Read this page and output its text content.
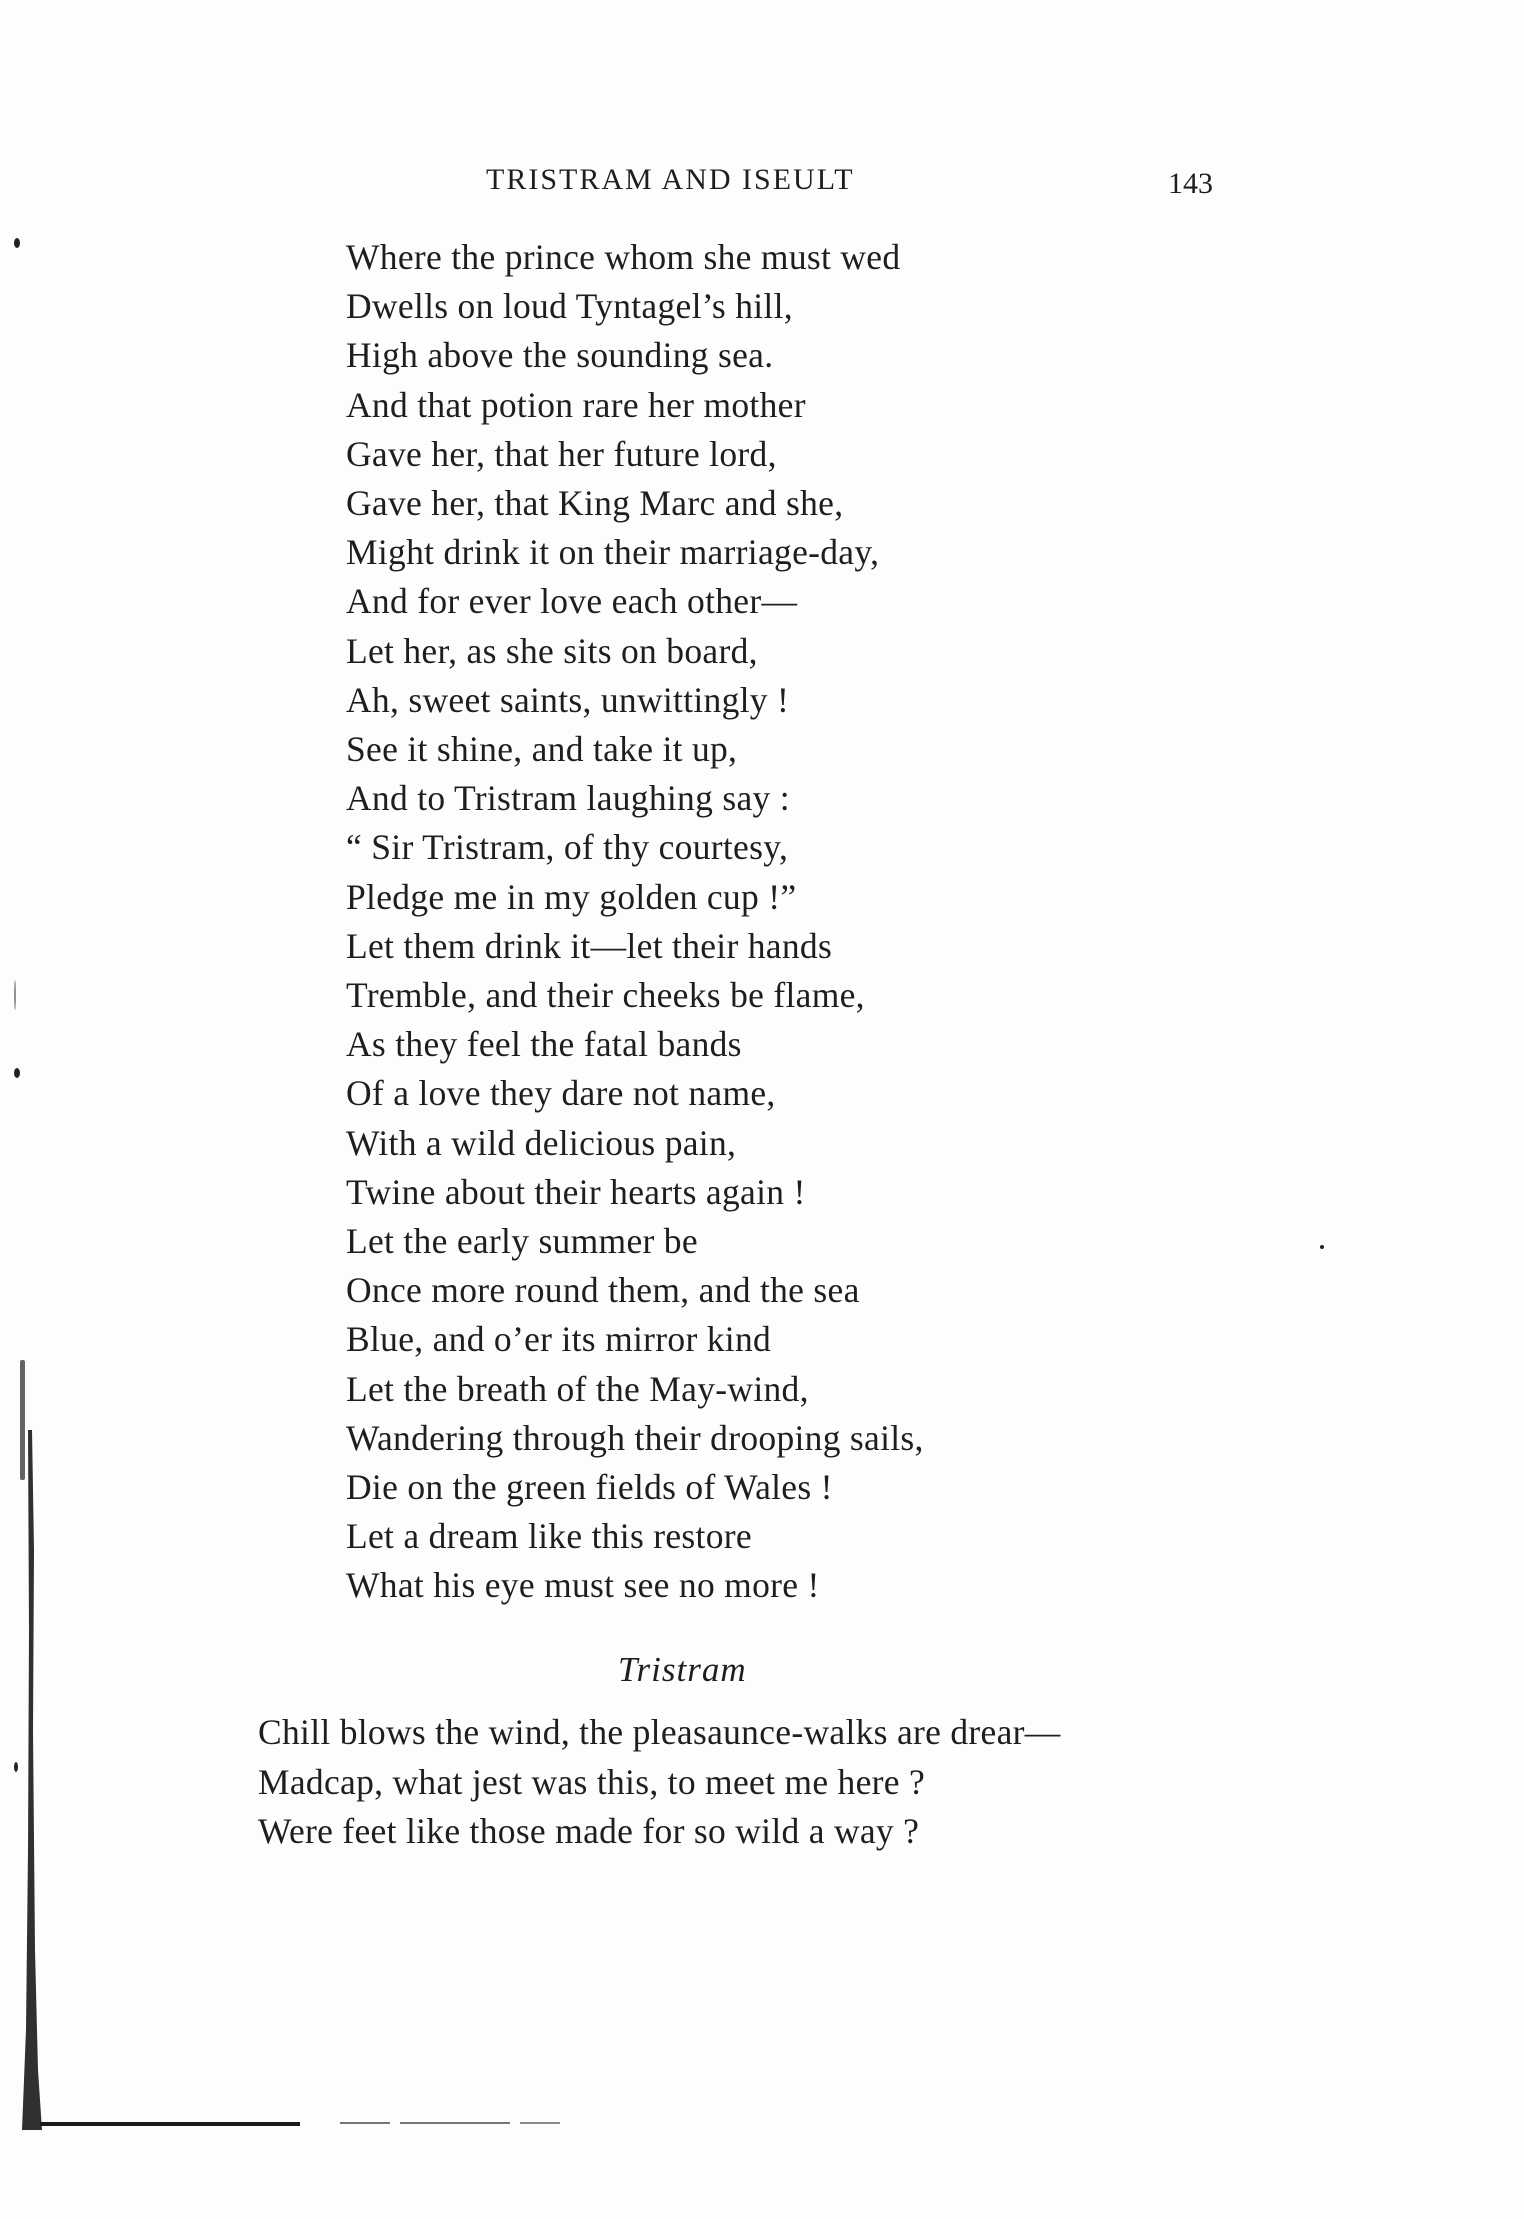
TRISTRAM AND ISEULT	143
Where the prince whom she must wed
Dwells on loud Tyntagel’s hill,
High above the sounding sea.
And that potion rare her mother
Gave her, that her future lord,
Gave her, that King Marc and she,
Might drink it on their marriage-day,
And for ever love each other—
Let her, as she sits on board,
Ah, sweet saints, unwittingly !
See it shine, and take it up,
And to Tristram laughing say :
“ Sir Tristram, of thy courtesy,
Pledge me in my golden cup !”
Let them drink it—let their hands
Tremble, and their cheeks be flame,
As they feel the fatal bands
Of a love they dare not name,
With a wild delicious pain,
Twine about their hearts again !
Let the early summer be
Once more round them, and the sea
Blue, and o’er its mirror kind
Let the breath of the May-wind,
Wandering through their drooping sails,
Die on the green fields of Wales !
Let a dream like this restore
What his eye must see no more !
Tristram
Chill blows the wind, the pleasaunce-walks are drear—
Madcap, what jest was this, to meet me here ?
Were feet like those made for so wild a way ?
